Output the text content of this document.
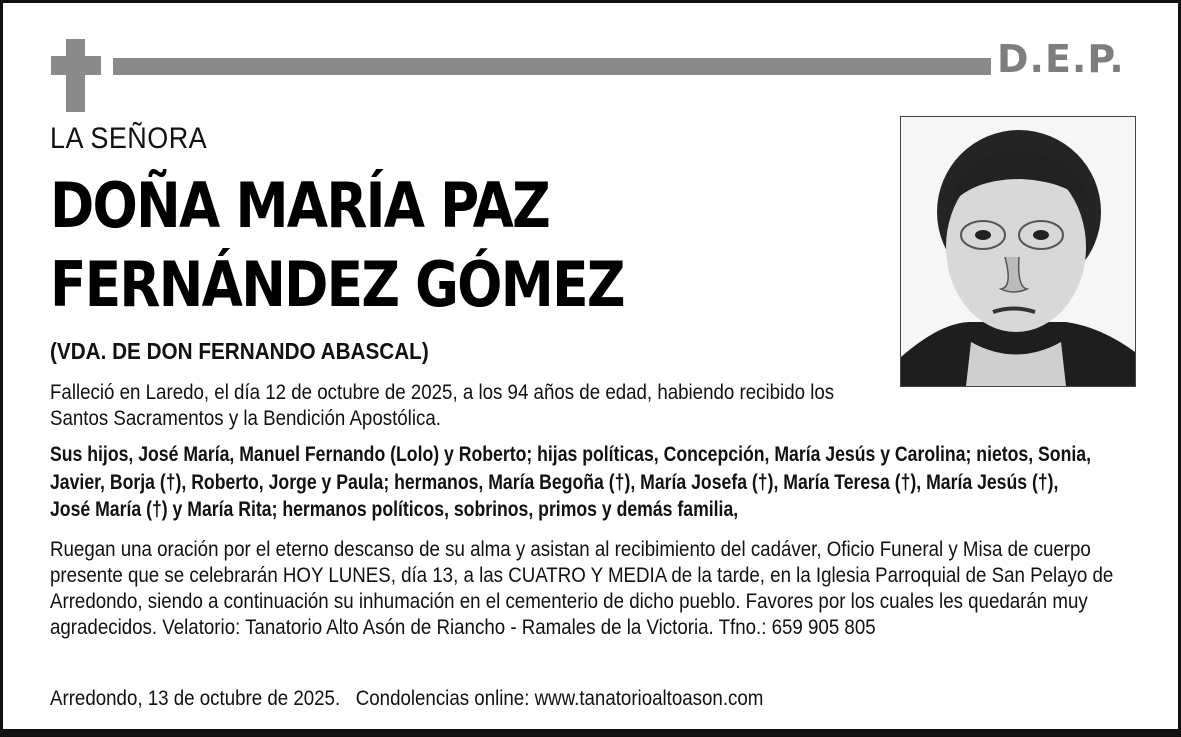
D.E.P.
LA SEÑORA
DOÑA MARÍA PAZ
FERNÁNDEZ GÓMEZ
(VDA. DE DON FERNANDO ABASCAL)
Falleció en Laredo, el día 12 de octubre de 2025, a los 94 años de edad, habiendo recibido los Santos Sacramentos y la Bendición Apostólica.
Sus hijos, José María, Manuel Fernando (Lolo) y Roberto; hijas políticas, Concepción, María Jesús y Carolina; nietos, Sonia, Javier, Borja (†), Roberto, Jorge y Paula; hermanos, María Begoña (†), María Josefa (†), María Teresa (†), María Jesús (†), José María (†) y María Rita; hermanos políticos, sobrinos, primos y demás familia,
Ruegan una oración por el eterno descanso de su alma y asistan al recibimiento del cadáver, Oficio Funeral y Misa de cuerpo presente que se celebrarán HOY LUNES, día 13, a las CUATRO Y MEDIA de la tarde, en la Iglesia Parroquial de San Pelayo de Arredondo, siendo a continuación su inhumación en el cementerio de dicho pueblo. Favores por los cuales les quedarán muy agradecidos. Velatorio: Tanatorio Alto Asón de Riancho - Ramales de la Victoria. Tfno.: 659 905 805
Arredondo, 13 de octubre de 2025. Condolencias online: www.tanatorioaltoason.com
